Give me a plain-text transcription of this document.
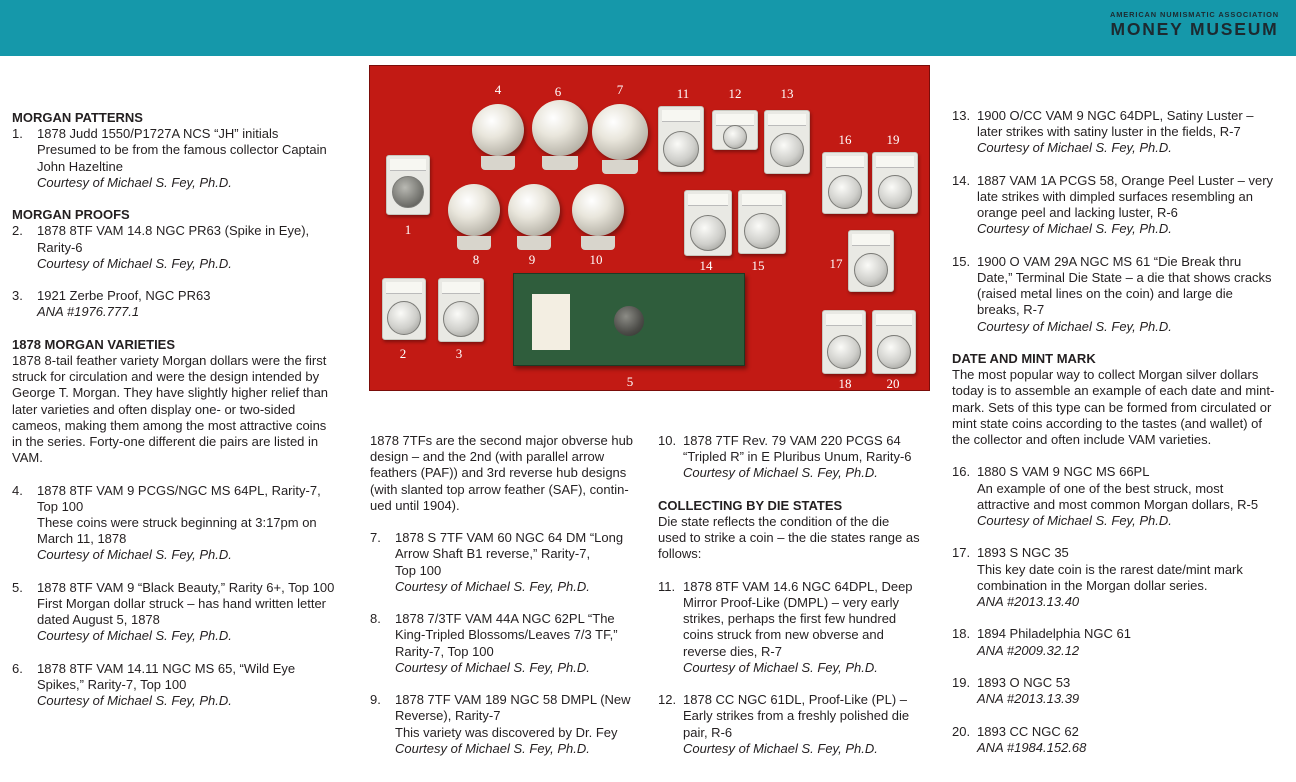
AMERICAN NUMISMATIC ASSOCIATION
MONEY MUSEUM
1
2	3
4
5
6	7
8	9	10
11	12	13
14	15
16
17
18
19
20
MORGAN PATTERNS
1.	1878 Judd 1550/P1727A NCS “JH” initials
Presumed to be from the famous collector Captain
John Hazeltine
Courtesy of Michael S. Fey, Ph.D.
MORGAN PROOFS
2.	1878 8TF VAM 14.8 NGC PR63 (Spike in Eye),
Rarity-6
Courtesy of Michael S. Fey, Ph.D.
3.	1921 Zerbe Proof, NGC PR63
ANA #1976.777.1
1878 MORGAN VARIETIES
1878 8-tail feather variety Morgan dollars were the first
struck for circulation and were the design intended by
George T. Morgan. They have slightly higher relief than
later varieties and often display one- or two-sided
cameos, making them among the most attractive coins
in the series. Forty-one different die pairs are listed in
VAM.
4.	1878 8TF VAM 9 PCGS/NGC MS 64PL, Rarity-7,
Top 100
These coins were struck beginning at 3:17pm on
March 11, 1878
Courtesy of Michael S. Fey, Ph.D.
5.	1878 8TF VAM 9 “Black Beauty,” Rarity 6+, Top 100
First Morgan dollar struck – has hand written letter
dated August 5, 1878
Courtesy of Michael S. Fey, Ph.D.
6.	1878 8TF VAM 14.11 NGC MS 65, “Wild Eye
Spikes,” Rarity-7, Top 100
Courtesy of Michael S. Fey, Ph.D.
1878 7TFs are the second major obverse hub
design – and the 2nd (with parallel arrow
feathers (PAF)) and 3rd reverse hub designs
(with slanted top arrow feather (SAF), contin-
ued until 1904).
7.	1878 S 7TF VAM 60 NGC 64 DM “Long
Arrow Shaft B1 reverse,” Rarity-7,
Top 100
Courtesy of Michael S. Fey, Ph.D.
8.	1878 7/3TF VAM 44A NGC 62PL “The
King-Tripled Blossoms/Leaves 7/3 TF,”
Rarity-7, Top 100
Courtesy of Michael S. Fey, Ph.D.
9.	1878 7TF VAM 189 NGC 58 DMPL (New
Reverse), Rarity-7
This variety was discovered by Dr. Fey
Courtesy of Michael S. Fey, Ph.D.
10. 1878 7TF Rev. 79 VAM 220 PCGS 64
“Tripled R” in E Pluribus Unum, Rarity-6
Courtesy of Michael S. Fey, Ph.D.
COLLECTING BY DIE STATES
Die state reflects the condition of the die
used to strike a coin – the die states range as
follows:
11. 1878 8TF VAM 14.6 NGC 64DPL, Deep
Mirror Proof-Like (DMPL) – very early
strikes, perhaps the first few hundred
coins struck from new obverse and
reverse dies, R-7
Courtesy of Michael S. Fey, Ph.D.
12. 1878 CC NGC 61DL, Proof-Like (PL) –
Early strikes from a freshly polished die
pair, R-6
Courtesy of Michael S. Fey, Ph.D.
13. 1900 O/CC VAM 9 NGC 64DPL, Satiny Luster –
later strikes with satiny luster in the fields, R-7
Courtesy of Michael S. Fey, Ph.D.
14. 1887 VAM 1A PCGS 58, Orange Peel Luster – very
late strikes with dimpled surfaces resembling an
orange peel and lacking luster, R-6
Courtesy of Michael S. Fey, Ph.D.
15. 1900 O VAM 29A NGC MS 61 “Die Break thru
Date,” Terminal Die State – a die that shows cracks
(raised metal lines on the coin) and large die
breaks, R-7
Courtesy of Michael S. Fey, Ph.D.
DATE AND MINT MARK
The most popular way to collect Morgan silver dollars
today is to assemble an example of each date and mint-
mark. Sets of this type can be formed from circulated or
mint state coins according to the tastes (and wallet) of
the collector and often include VAM varieties.
16. 1880 S VAM 9 NGC MS 66PL
An example of one of the best struck, most
attractive and most common Morgan dollars, R-5
Courtesy of Michael S. Fey, Ph.D.
17. 1893 S NGC 35
This key date coin is the rarest date/mint mark
combination in the Morgan dollar series.
ANA #2013.13.40
18. 1894 Philadelphia NGC 61
ANA #2009.32.12
19. 1893 O NGC 53
ANA #2013.13.39
20. 1893 CC NGC 62
ANA #1984.152.68
